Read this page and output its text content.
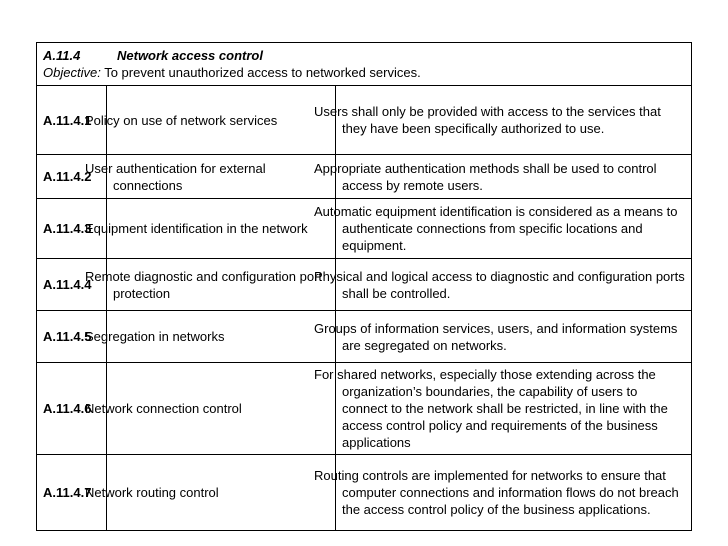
A.11.4 Network access control
Objective: To prevent unauthorized access to networked services.		

A.11.4.1	Policy on use of network services	Users shall only be provided with access to the services that they have been specifically authorized to use.
A.11.4.2	User authentication for external connections	Appropriate authentication methods shall be used to control access by remote users.
A.11.4.3	Equipment identification in the network	Automatic equipment identification is considered as a means to authenticate connections from specific locations and equipment.
A.11.4.4	Remote diagnostic and configuration port protection	Physical and logical access to diagnostic and configuration ports shall be controlled.
A.11.4.5	Segregation in networks	Groups of information services, users, and information systems are segregated on networks.
A.11.4.6	Network connection control	For shared networks, especially those extending across the organization’s boundaries, the capability of users to connect to the network shall be restricted, in line with the access control policy and requirements of the business applications
A.11.4.7	Network routing control	Routing controls are implemented for networks to ensure that computer connections and information flows do not breach the access control policy of the business applications.
